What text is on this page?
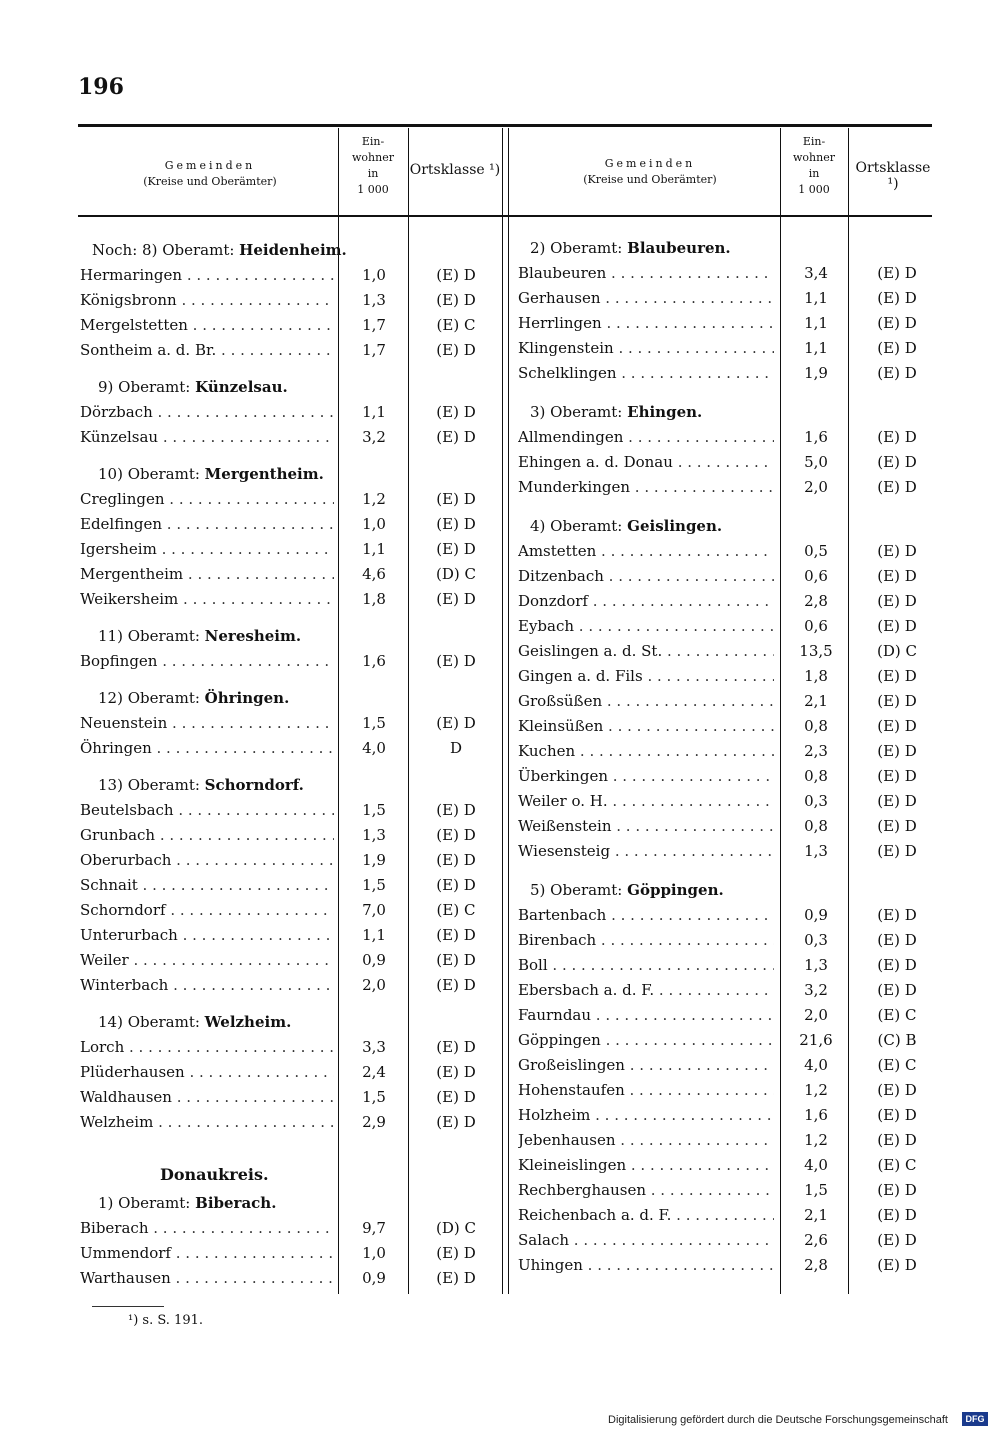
196
Gemeinden
(Kreise und Oberämter)
Ein-
wohner
in
1 000
Ortsklasse ¹)	Gemeinden
(Kreise und Oberämter)
Ein-
wohner
in
1 000
Ortsklasse ¹)
Noch: 8) Oberamt: Heidenheim.
Hermaringen . . .	1,0	(E) D
Königsbronn . . .	1,3	(E) D
Mergelstetten . . .	1,7	(E) C
Sontheim a. d. Br. . . .	1,7	(E) D
9) Oberamt: Künzelsau.
Dörzbach . . .	1,1	(E) D
Künzelsau . . .	3,2	(E) D
10) Oberamt: Mergentheim.
Creglingen . . .	1,2	(E) D
Edelfingen . . .	1,0	(E) D
Igersheim . . .	1,1	(E) D
Mergentheim . . .	4,6	(D) C
Weikersheim . . .	1,8	(E) D
11) Oberamt: Neresheim.
Bopfingen . . .	1,6	(E) D
12) Oberamt: Öhringen.
Neuenstein . . .	1,5	(E) D
Öhringen . . .	4,0	D
13) Oberamt: Schorndorf.
Beutelsbach . . .	1,5	(E) D
Grunbach . . .	1,3	(E) D
Oberurbach . . .	1,9	(E) D
Schnait . . .	1,5	(E) D
Schorndorf . . .	7,0	(E) C
Unterurbach . . .	1,1	(E) D
Weiler . . .	0,9	(E) D
Winterbach . . .	2,0	(E) D
14) Oberamt: Welzheim.
Lorch . . .	3,3	(E) D
Plüderhausen . . .	2,4	(E) D
Waldhausen . . .	1,5	(E) D
Welzheim . . .	2,9	(E) D
Donaukreis.
1) Oberamt: Biberach.
Biberach . . .	9,7	(D) C
Ummendorf . . .	1,0	(E) D
Warthausen . . .	0,9	(E) D
2) Oberamt: Blaubeuren.
Blaubeuren . . .	3,4	(E) D
Gerhausen . . .	1,1	(E) D
Herrlingen . . .	1,1	(E) D
Klingenstein . . .	1,1	(E) D
Schelklingen . . .	1,9	(E) D
3) Oberamt: Ehingen.
Allmendingen . . .	1,6	(E) D
Ehingen a. d. Donau . . .	5,0	(E) D
Munderkingen . . .	2,0	(E) D
4) Oberamt: Geislingen.
Amstetten . . .	0,5	(E) D
Ditzenbach . . .	0,6	(E) D
Donzdorf . . .	2,8	(E) D
Eybach . . .	0,6	(E) D
Geislingen a. d. St. . . .	13,5	(D) C
Gingen a. d. Fils . . .	1,8	(E) D
Großsüßen . . .	2,1	(E) D
Kleinsüßen . . .	0,8	(E) D
Kuchen . . .	2,3	(E) D
Überkingen . . .	0,8	(E) D
Weiler o. H. . . .	0,3	(E) D
Weißenstein . . .	0,8	(E) D
Wiesensteig . . .	1,3	(E) D
5) Oberamt: Göppingen.
Bartenbach . . .	0,9	(E) D
Birenbach . . .	0,3	(E) D
Boll . . .	1,3	(E) D
Ebersbach a. d. F. . . .	3,2	(E) D
Faurndau . . .	2,0	(E) C
Göppingen . . .	21,6	(C) B
Großeislingen . . .	4,0	(E) C
Hohenstaufen . . .	1,2	(E) D
Holzheim . . .	1,6	(E) D
Jebenhausen . . .	1,2	(E) D
Kleineislingen . . .	4,0	(E) C
Rechberghausen . . .	1,5	(E) D
Reichenbach a. d. F. . . .	2,1	(E) D
Salach . . .	2,6	(E) D
Uhingen . . .	2,8	(E) D
¹) s. S. 191.
Digitalisierung gefördert durch die Deutsche Forschungsgemeinschaft	DFG
